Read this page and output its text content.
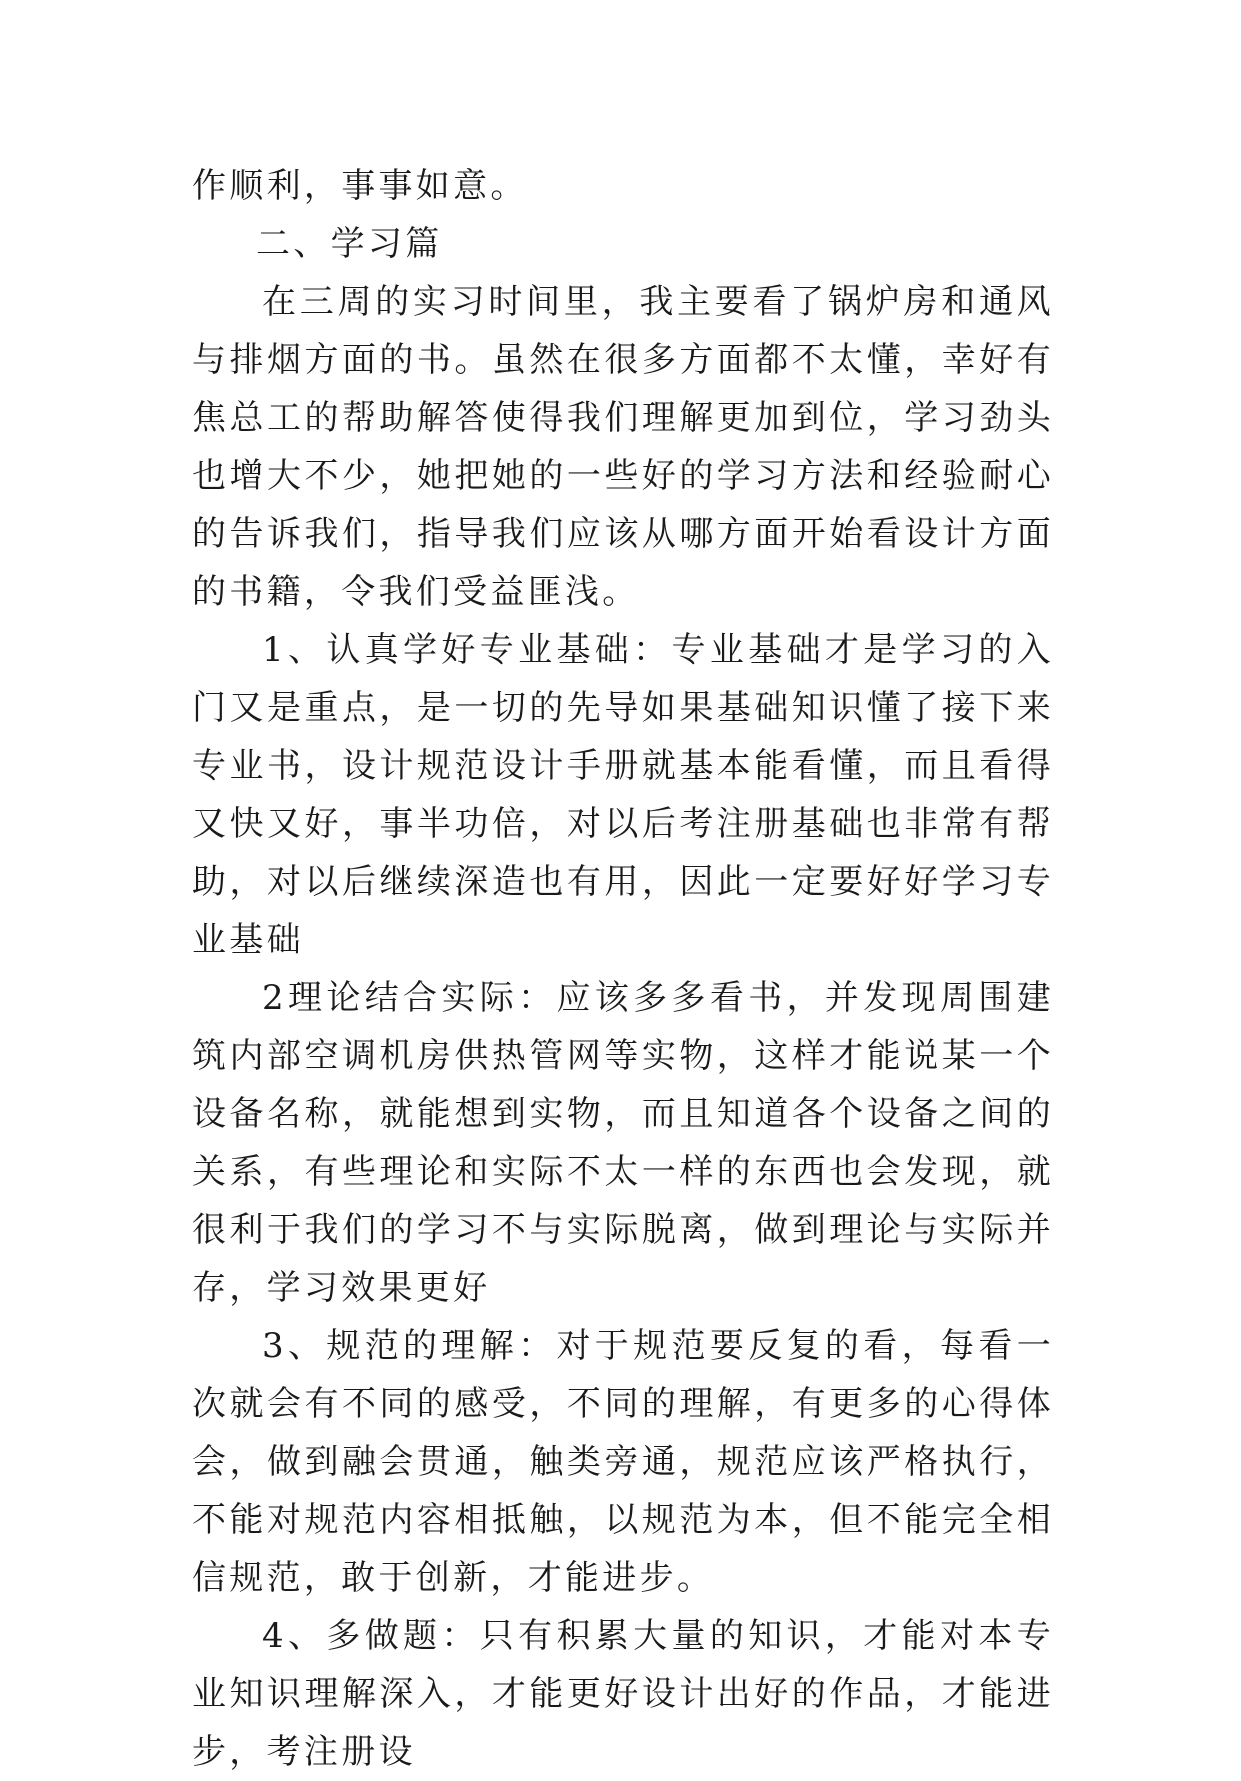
作顺利，事事如意。

二、学习篇

在三周的实习时间里，我主要看了锅炉房和通风与排烟方面的书。虽然在很多方面都不太懂，幸好有焦总工的帮助解答使得我们理解更加到位，学习劲头也增大不少，她把她的一些好的学习方法和经验耐心的告诉我们，指导我们应该从哪方面开始看设计方面的书籍，令我们受益匪浅。

1、认真学好专业基础：专业基础才是学习的入门又是重点，是一切的先导如果基础知识懂了接下来专业书，设计规范设计手册就基本能看懂，而且看得又快又好，事半功倍，对以后考注册基础也非常有帮助，对以后继续深造也有用，因此一定要好好学习专业基础

2理论结合实际：应该多多看书，并发现周围建筑内部空调机房供热管网等实物，这样才能说某一个设备名称，就能想到实物，而且知道各个设备之间的关系，有些理论和实际不太一样的东西也会发现，就很利于我们的学习不与实际脱离，做到理论与实际并存，学习效果更好

3、规范的理解：对于规范要反复的看，每看一次就会有不同的感受，不同的理解，有更多的心得体会，做到融会贯通，触类旁通，规范应该严格执行，不能对规范内容相抵触，以规范为本，但不能完全相信规范，敢于创新，才能进步。

4、多做题：只有积累大量的知识，才能对本专业知识理解深入，才能更好设计出好的作品，才能进步，考注册设
